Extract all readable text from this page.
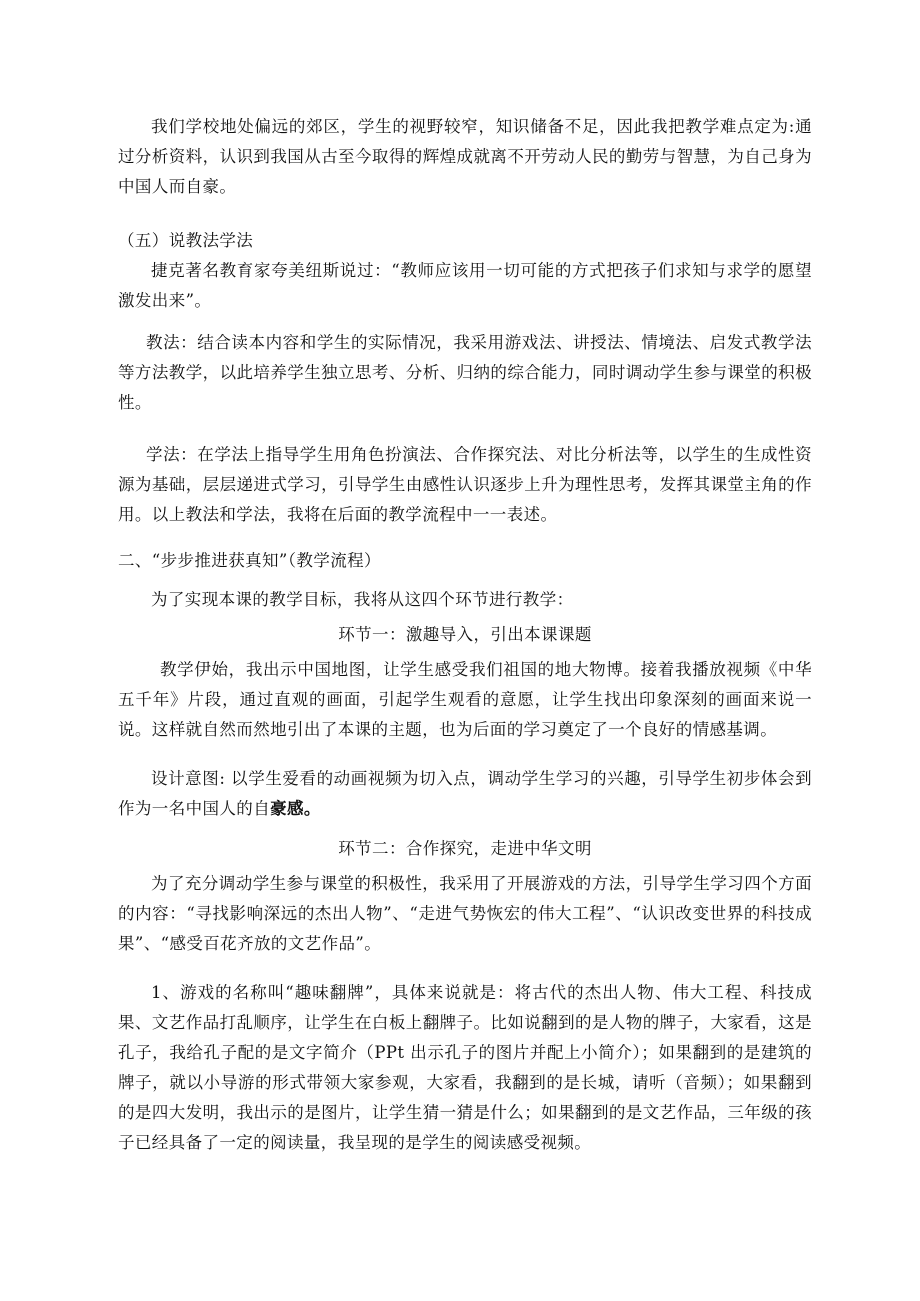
我们学校地处偏远的郊区，学生的视野较窄，知识储备不足，因此我把教学难点定为:通过分析资料，认识到我国从古至今取得的辉煌成就离不开劳动人民的勤劳与智慧，为自己身为中国人而自豪。

（五）说教法学法

捷克著名教育家夸美纽斯说过：“教师应该用一切可能的方式把孩子们求知与求学的愿望激发出来”。

教法：结合读本内容和学生的实际情况，我采用游戏法、讲授法、情境法、启发式教学法等方法教学，以此培养学生独立思考、分析、归纳的综合能力，同时调动学生参与课堂的积极性。

学法：在学法上指导学生用角色扮演法、合作探究法、对比分析法等，以学生的生成性资源为基础，层层递进式学习，引导学生由感性认识逐步上升为理性思考，发挥其课堂主角的作用。以上教法和学法，我将在后面的教学流程中一一表述。

二、“步步推进获真知”（教学流程）

为了实现本课的教学目标，我将从这四个环节进行教学：

环节一：激趣导入，引出本课课题

教学伊始，我出示中国地图，让学生感受我们祖国的地大物博。接着我播放视频《中华五千年》片段，通过直观的画面，引起学生观看的意愿，让学生找出印象深刻的画面来说一说。这样就自然而然地引出了本课的主题，也为后面的学习奠定了一个良好的情感基调。

设计意图: 以学生爱看的动画视频为切入点，调动学生学习的兴趣，引导学生初步体会到作为一名中国人的自豪感。

环节二：合作探究，走进中华文明

为了充分调动学生参与课堂的积极性，我采用了开展游戏的方法，引导学生学习四个方面的内容：“寻找影响深远的杰出人物”、“走进气势恢宏的伟大工程”、“认识改变世界的科技成果”、“感受百花齐放的文艺作品”。

1、游戏的名称叫“趣味翻牌”，具体来说就是：将古代的杰出人物、伟大工程、科技成果、文艺作品打乱顺序，让学生在白板上翻牌子。比如说翻到的是人物的牌子，大家看，这是孔子，我给孔子配的是文字简介（PPt 出示孔子的图片并配上小简介）；如果翻到的是建筑的牌子，就以小导游的形式带领大家参观，大家看，我翻到的是长城，请听（音频）；如果翻到的是四大发明，我出示的是图片，让学生猜一猜是什么；如果翻到的是文艺作品，三年级的孩子已经具备了一定的阅读量，我呈现的是学生的阅读感受视频。
